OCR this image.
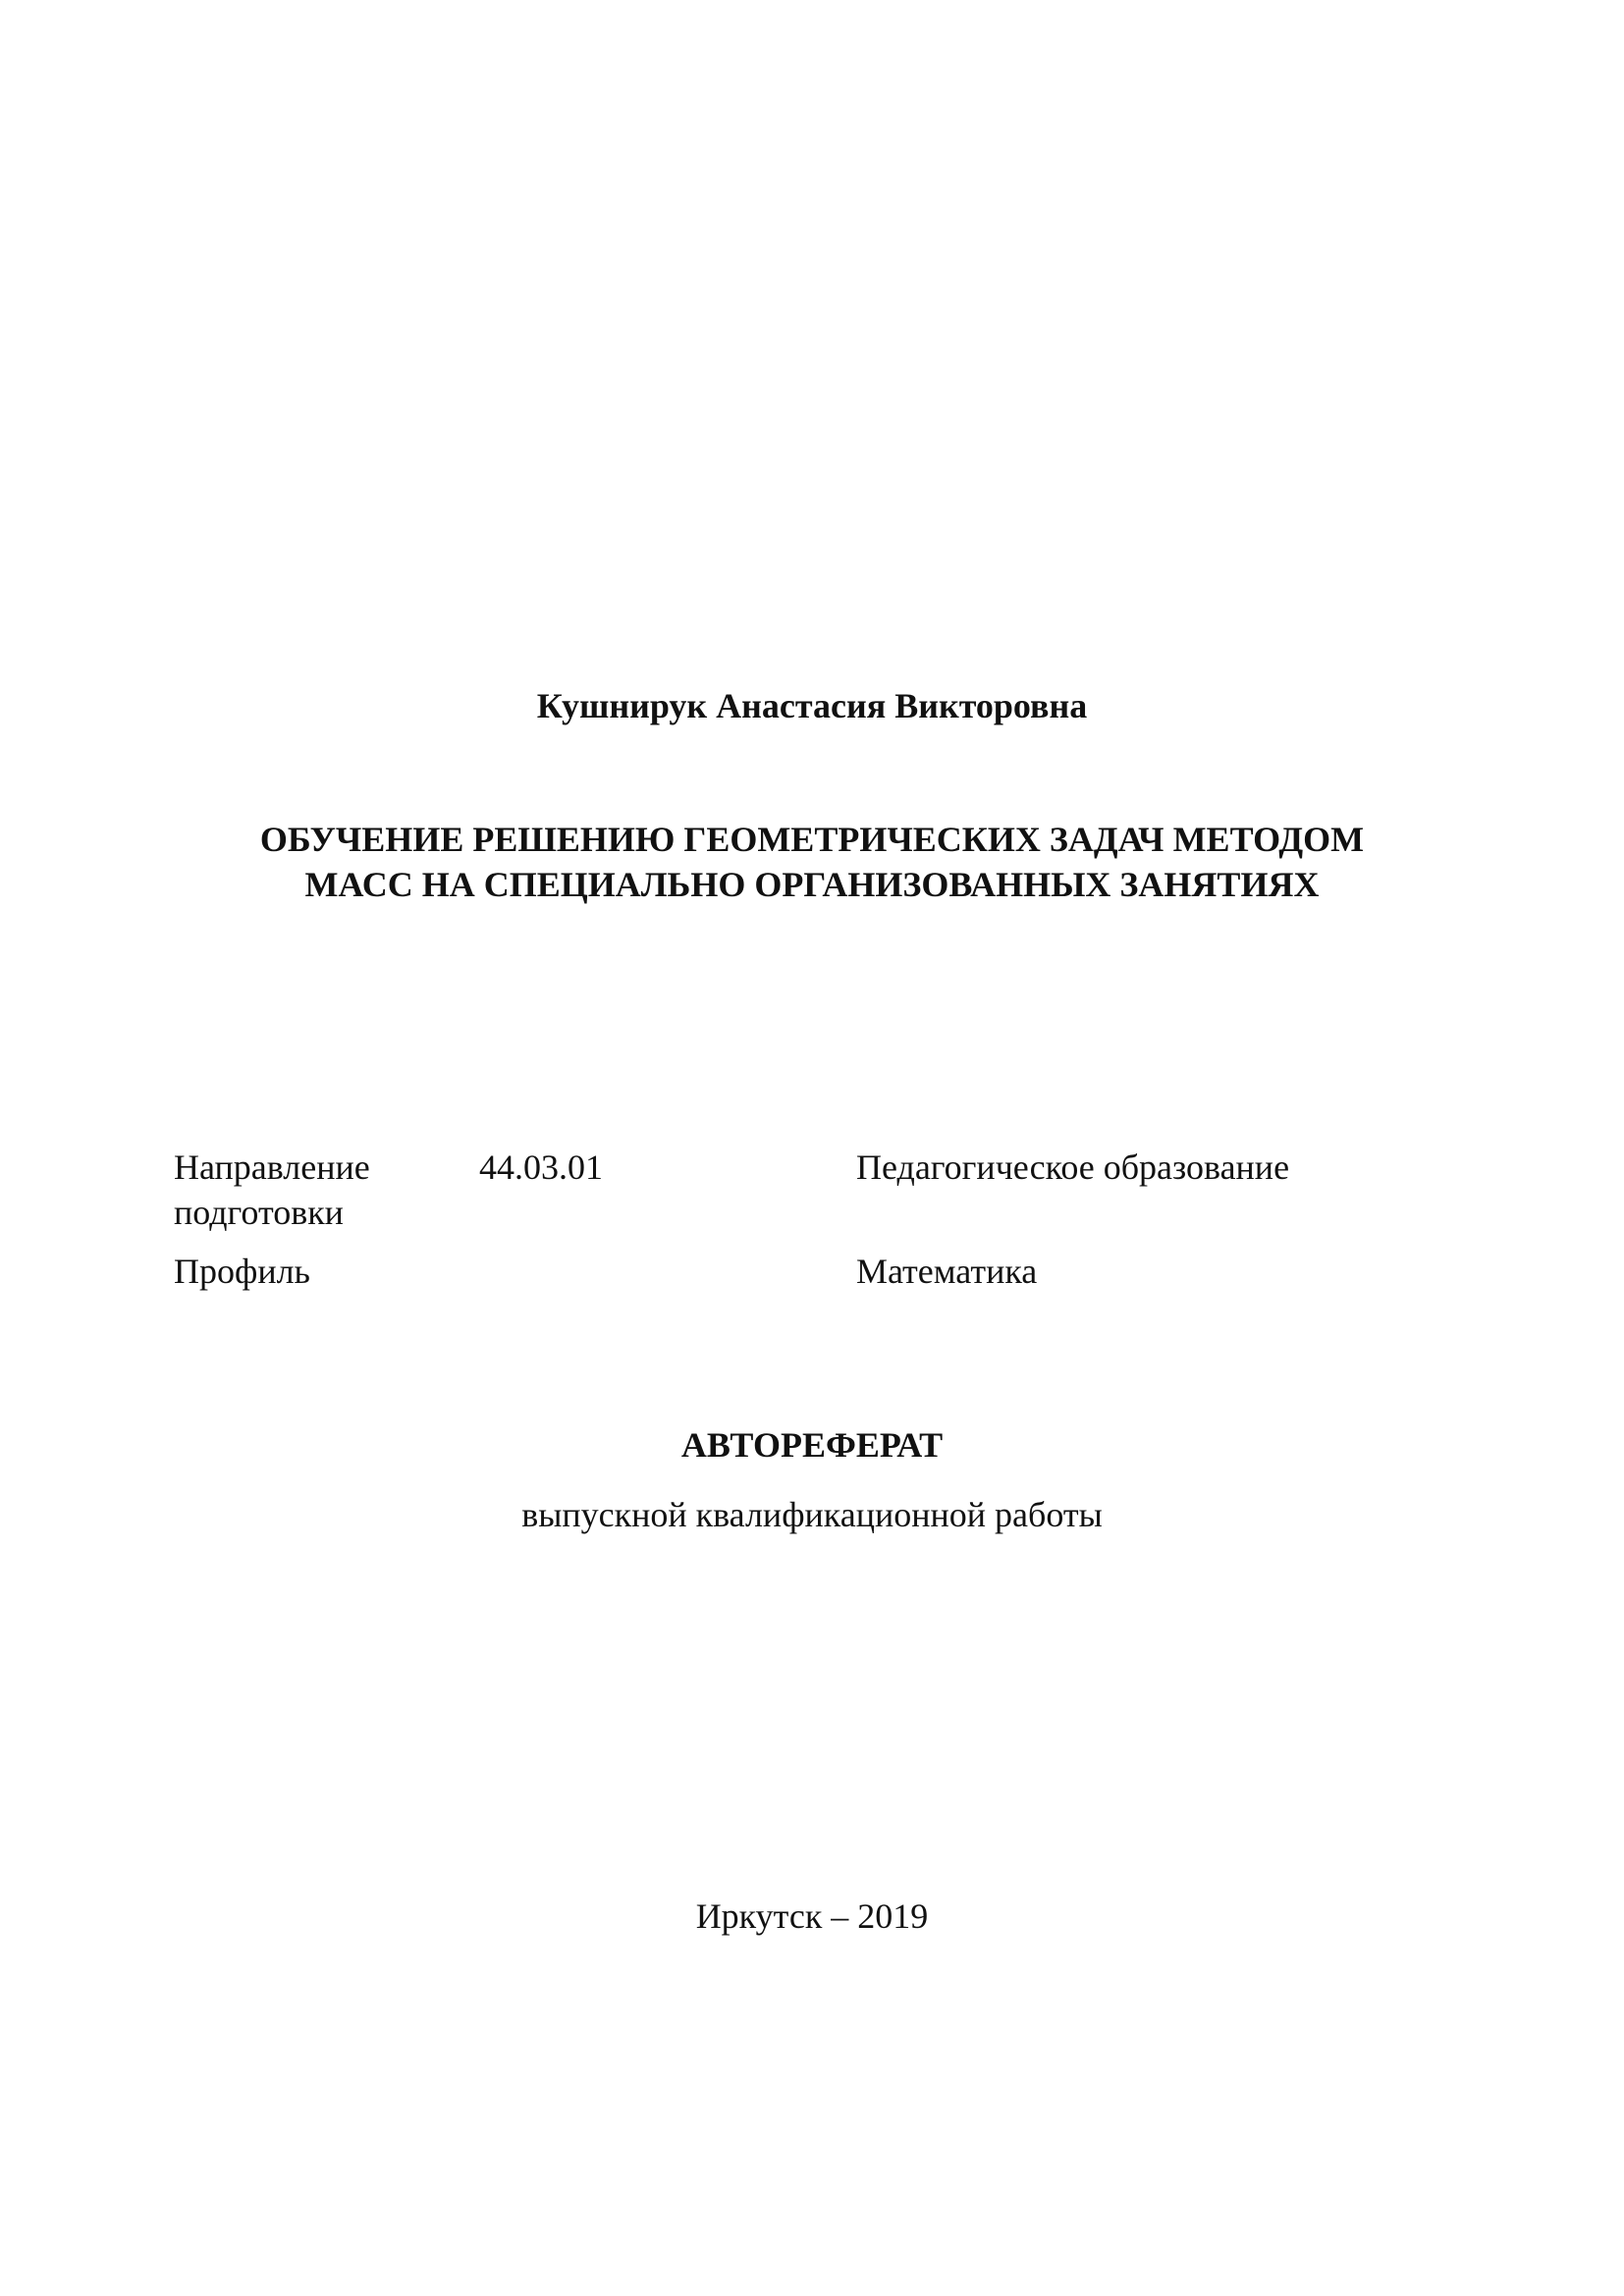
Кушнирук Анастасия Викторовна
ОБУЧЕНИЕ РЕШЕНИЮ ГЕОМЕТРИЧЕСКИХ ЗАДАЧ МЕТОДОМ
МАСС НА СПЕЦИАЛЬНО ОРГАНИЗОВАННЫХ ЗАНЯТИЯХ
Направление
подготовки
44.03.01	Педагогическое образование
Профиль	Математика
АВТОРЕФЕРАТ
выпускной квалификационной работы
Иркутск – 2019
